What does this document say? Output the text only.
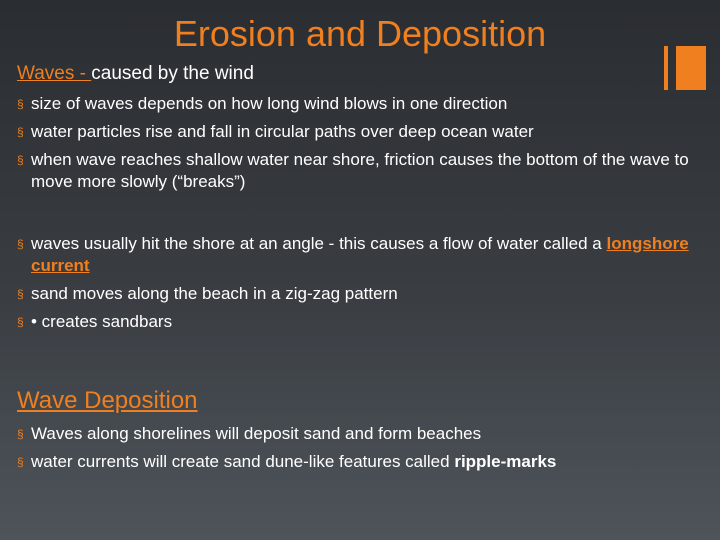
Erosion and Deposition
Waves - caused by the wind
§ size of waves depends on how long wind blows in one direction
§ water particles rise and fall in circular paths over deep ocean water
§ when wave reaches shallow water near shore, friction causes the bottom of the wave to move more slowly (“breaks”)
§ waves usually hit the shore at an angle - this causes a flow of water called a longshore current
§ sand moves along the beach in a zig-zag pattern
§ • creates sandbars
Wave Deposition
§ Waves along shorelines will deposit sand and form beaches
§ water currents will create sand dune-like features called ripple-marks
